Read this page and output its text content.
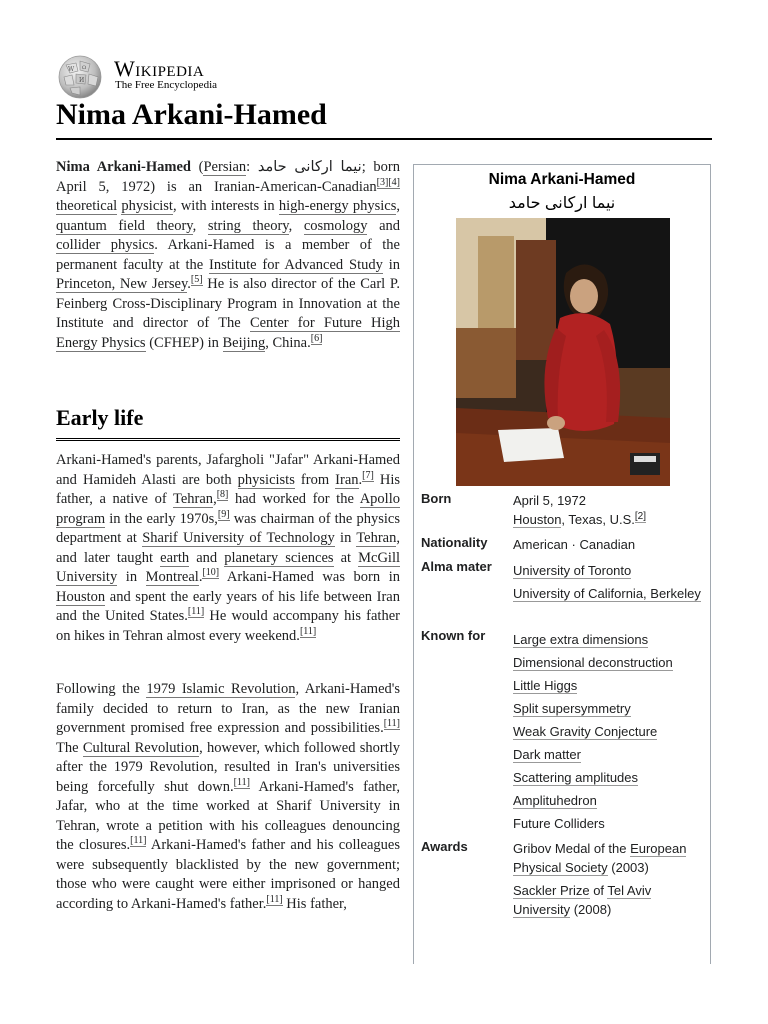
W Ω
И Wikipedia
The Free Encyclopedia
Nima Arkani-Hamed

Nima Arkani-Hamed (Persian: نیما ارکانی حامد; born April 5, 1972) is an Iranian-American-Canadian[3][4] theoretical physicist, with interests in high-energy physics, quantum field theory, string theory, cosmology and collider physics. Arkani-Hamed is a member of the permanent faculty at the Institute for Advanced Study in Princeton, New Jersey.[5] He is also director of the Carl P. Feinberg Cross-Disciplinary Program in Innovation at the Institute and director of The Center for Future High Energy Physics (CFHEP) in Beijing, China.[6]

Early life

Arkani-Hamed's parents, Jafargholi "Jafar" Arkani-Hamed and Hamideh Alasti are both physicists from Iran.[7] His father, a native of Tehran,[8] had worked for the Apollo program in the early 1970s,[9] was chairman of the physics department at Sharif University of Technology in Tehran, and later taught earth and planetary sciences at McGill University in Montreal.[10] Arkani-Hamed was born in Houston and spent the early years of his life between Iran and the United States.[11] He would accompany his father on hikes in Tehran almost every weekend.[11]

Following the 1979 Islamic Revolution, Arkani-Hamed's family decided to return to Iran, as the new Iranian government promised free expression and possibilities.[11] The Cultural Revolution, however, which followed shortly after the 1979 Revolution, resulted in Iran's universities being forcefully shut down.[11] Arkani-Hamed's father, Jafar, who at the time worked at Sharif University in Tehran, wrote a petition with his colleagues denouncing the closures.[11] Arkani-Hamed's father and his colleagues were subsequently blacklisted by the new government; those who were caught were either imprisoned or hanged according to Arkani-Hamed's father.[11] His father,

Nima Arkani-Hamed
نیما ارکانی حامد
Born	April 5, 1972
Houston, Texas, U.S.[2]
Nationality American · Canadian
Alma mater University of Toronto
University of California, Berkeley
Known for Large extra dimensions
Dimensional deconstruction
Little Higgs
Split supersymmetry
Weak Gravity Conjecture
Dark matter
Scattering amplitudes
Amplituhedron
Future Colliders
Awards	Gribov Medal of the European Physical Society (2003)
Sackler Prize of Tel Aviv University (2008)
